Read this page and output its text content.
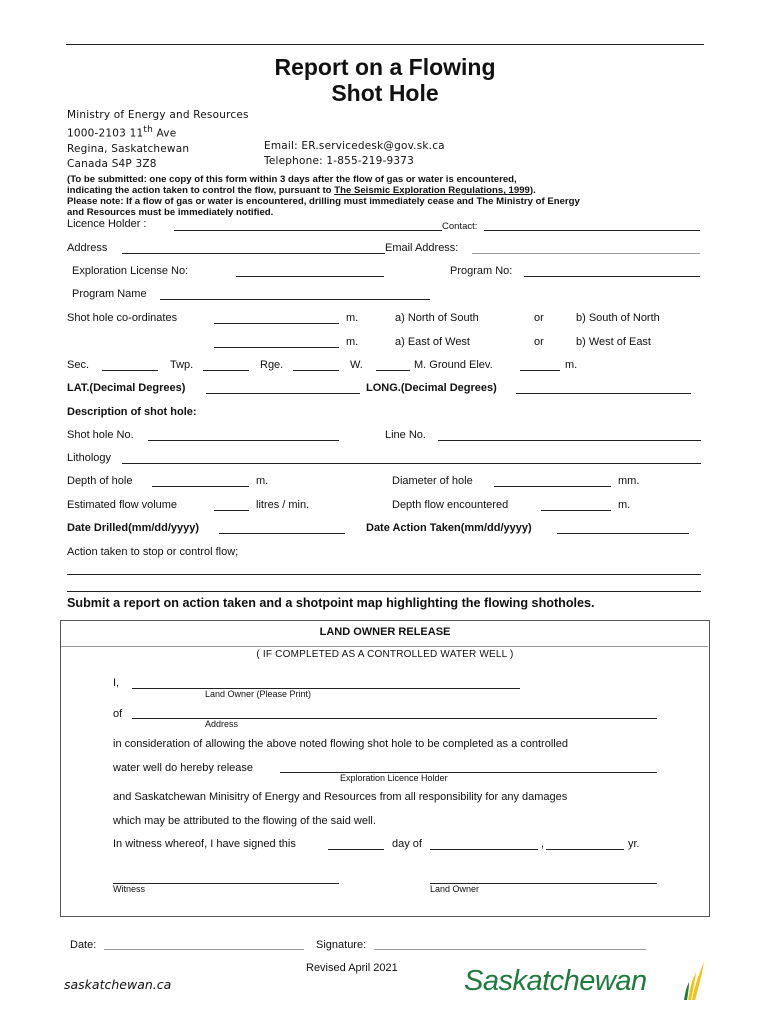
Report on a Flowing
Shot Hole
Ministry of Energy and Resources
1000-2103 11th Ave
Regina, Saskatchewan
Canada S4P 3Z8
Email: ER.servicedesk@gov.sk.ca
Telephone: 1-855-219-9373
(To be submitted: one copy of this form within 3 days after the flow of gas or water is encountered,
indicating the action taken to control the flow, pursuant to The Seismic Exploration Regulations, 1999).
Please note: If a flow of gas or water is encountered, drilling must immediately cease and The Ministry of Energy
and Resources must be immediately notified.
Licence Holder :	Contact:
Address	Email Address:
Exploration License No:	Program No:
Program Name
Shot hole co-ordinates	m.	a) North of South	or	b) South of North
m.	a) East of West	or	b) West of East
Sec.	Twp.	Rge.	W.	M. Ground Elev.	m.
LAT.(Decimal Degrees)	LONG.(Decimal Degrees)
Description of shot hole:
Shot hole No.	Line No.
Lithology
Depth of hole	m.	Diameter of hole	mm.
Estimated flow volume	litres / min.	Depth flow encountered	m.
Date Drilled(mm/dd/yyyy)	Date Action Taken(mm/dd/yyyy)
Action taken to stop or control flow;
Submit a report on action taken and a shotpoint map highlighting the flowing shotholes.
LAND OWNER RELEASE
( IF COMPLETED AS A CONTROLLED WATER WELL )
I,
Land Owner (Please Print)
of
Address
in consideration of allowing the above noted flowing shot hole to be completed as a controlled
water well do hereby release
Exploration Licence Holder
and Saskatchewan Minisitry of Energy and Resources from all responsibility for any damages
which may be attributed to the flowing of the said well.
In witness whereof, I have signed this	day of	,	yr.
Witness	Land Owner
Date:	Signature:
Revised April 2021
saskatchewan.ca	Saskatchewan
